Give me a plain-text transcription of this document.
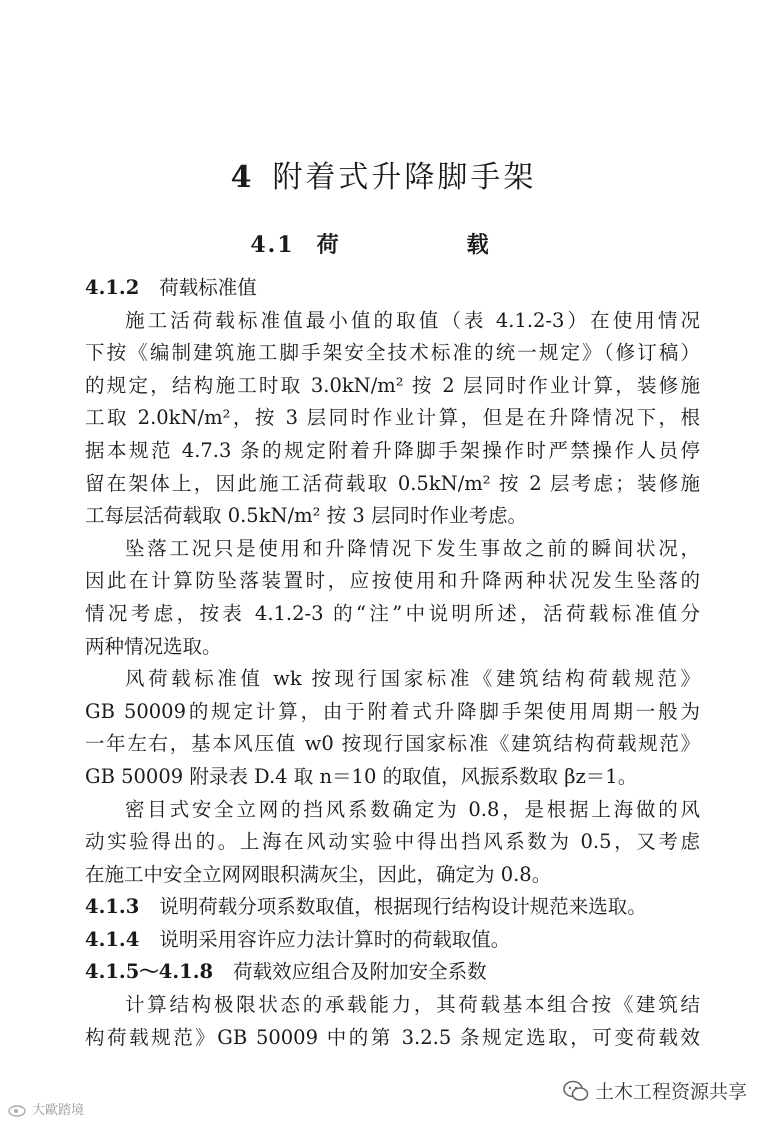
4 附着式升降脚手架
4.1 荷　　载
4.1.2 荷载标准值
施工活荷载标准值最小值的取值（表 4.1.2-3）在使用情况
下按《编制建筑施工脚手架安全技术标准的统一规定》（修订稿）
的规定，结构施工时取 3.0kN/m² 按 2 层同时作业计算，装修施
工取 2.0kN/m²，按 3 层同时作业计算，但是在升降情况下，根
据本规范 4.7.3 条的规定附着升降脚手架操作时严禁操作人员停
留在架体上，因此施工活荷载取 0.5kN/m² 按 2 层考虑；装修施
工每层活荷载取 0.5kN/m² 按 3 层同时作业考虑。
坠落工况只是使用和升降情况下发生事故之前的瞬间状况，
因此在计算防坠落装置时，应按使用和升降两种状况发生坠落的
情况考虑，按表 4.1.2-3 的“注”中说明所述，活荷载标准值分
两种情况选取。
风荷载标准值 wk 按现行国家标准《建筑结构荷载规范》
GB 50009的规定计算，由于附着式升降脚手架使用周期一般为
一年左右，基本风压值 w0 按现行国家标准《建筑结构荷载规范》
GB 50009 附录表 D.4 取 n＝10 的取值，风振系数取 βz＝1。
密目式安全立网的挡风系数确定为 0.8，是根据上海做的风
动实验得出的。上海在风动实验中得出挡风系数为 0.5，又考虑
在施工中安全立网网眼积满灰尘，因此，确定为 0.8。
4.1.3 说明荷载分项系数取值，根据现行结构设计规范来选取。
4.1.4 说明采用容许应力法计算时的荷载取值。
4.1.5～4.1.8 荷载效应组合及附加安全系数
计算结构极限状态的承载能力，其荷载基本组合按《建筑结
构荷载规范》GB 50009 中的第 3.2.5 条规定选取，可变荷载效
土木工程资源共享
大歐踏境
